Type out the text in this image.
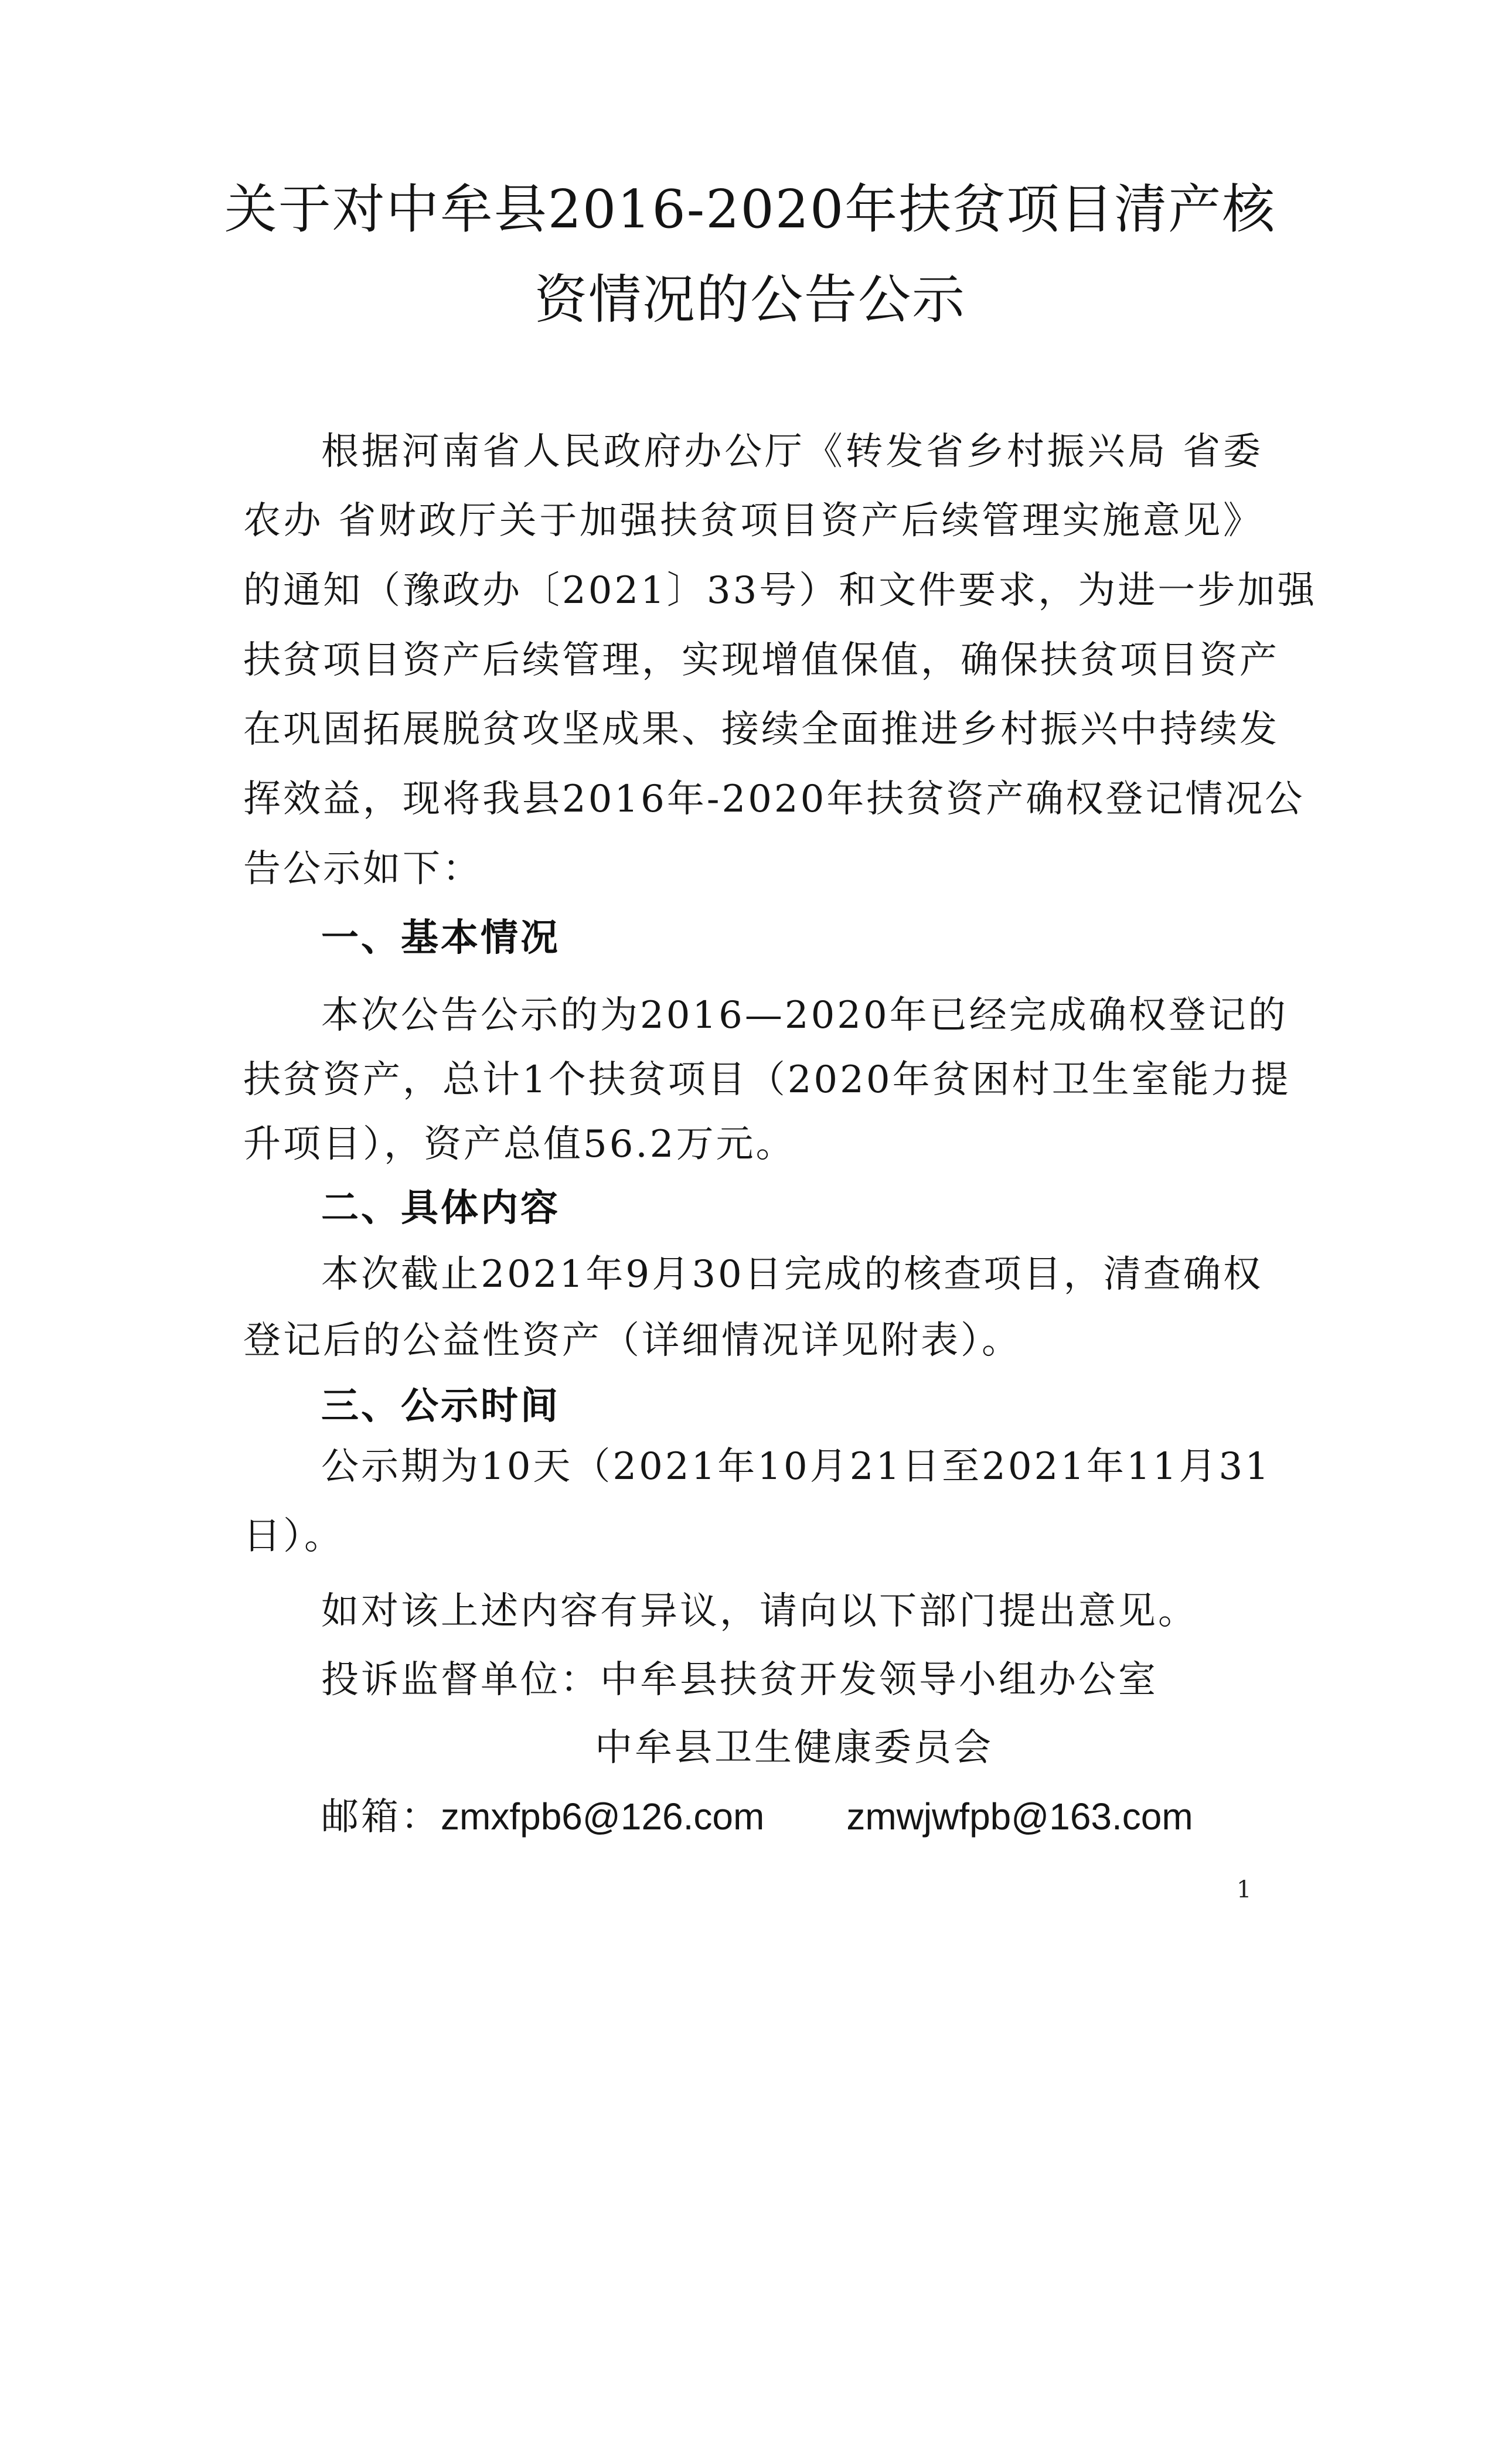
关于对中牟县2016-2020年扶贫项目清产核
资情况的公告公示
根据河南省人民政府办公厅《转发省乡村振兴局 省委
农办 省财政厅关于加强扶贫项目资产后续管理实施意见》
的通知（豫政办〔2021〕33号）和文件要求，为进一步加强
扶贫项目资产后续管理，实现增值保值，确保扶贫项目资产
在巩固拓展脱贫攻坚成果、接续全面推进乡村振兴中持续发
挥效益，现将我县2016年-2020年扶贫资产确权登记情况公
告公示如下：
一、基本情况
本次公告公示的为2016—2020年已经完成确权登记的
扶贫资产，总计1个扶贫项目（2020年贫困村卫生室能力提
升项目），资产总值56.2万元。
二、具体内容
本次截止2021年9月30日完成的核查项目，清查确权
登记后的公益性资产（详细情况详见附表）。
三、公示时间
公示期为10天（2021年10月21日至2021年11月31
日）。
如对该上述内容有异议，请向以下部门提出意见。
投诉监督单位：中牟县扶贫开发领导小组办公室
中牟县卫生健康委员会
邮箱：zmxfpb6@126.com zmwjwfpb@163.com
1
